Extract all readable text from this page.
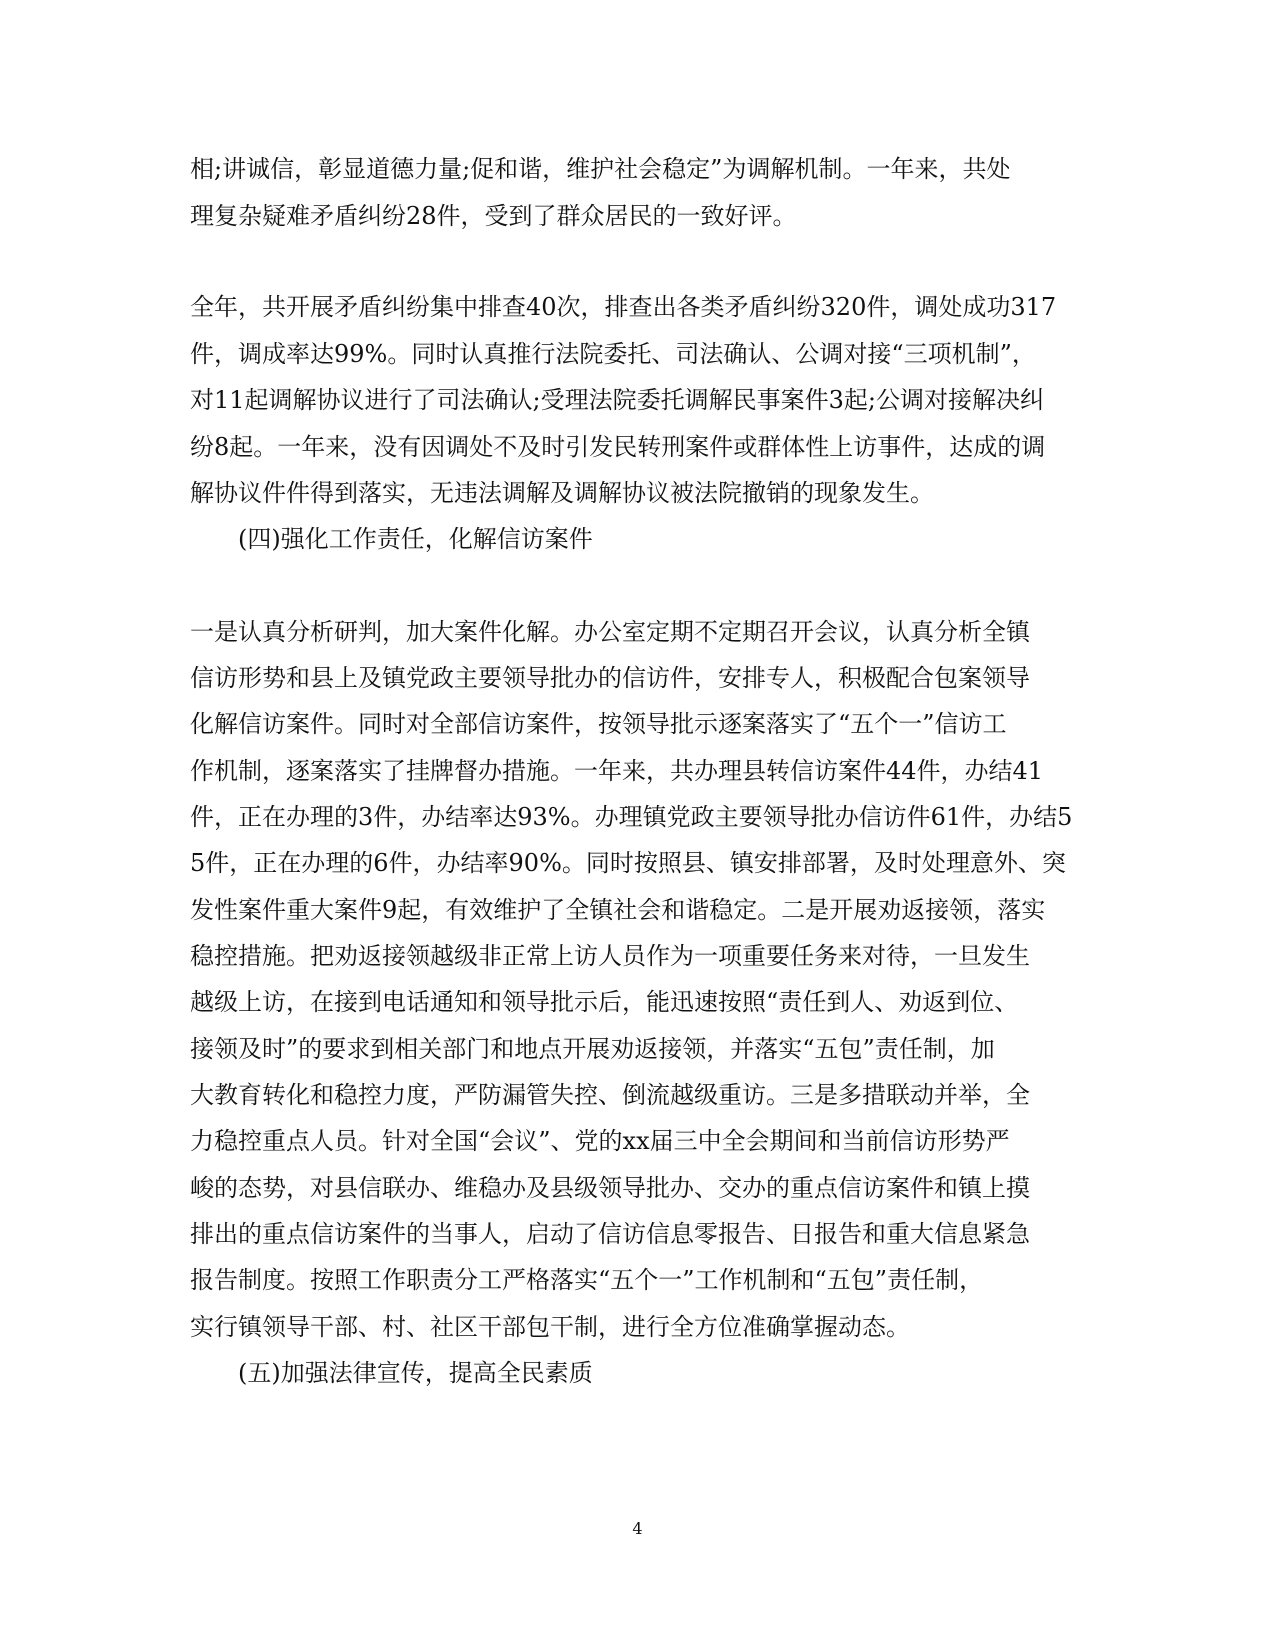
相;讲诚信，彰显道德力量;促和谐，维护社会稳定”为调解机制。一年来，共处
理复杂疑难矛盾纠纷28件，受到了群众居民的一致好评。
全年，共开展矛盾纠纷集中排查40次，排查出各类矛盾纠纷320件，调处成功317
件，调成率达99%。同时认真推行法院委托、司法确认、公调对接“三项机制”，
对11起调解协议进行了司法确认;受理法院委托调解民事案件3起;公调对接解决纠
纷8起。一年来，没有因调处不及时引发民转刑案件或群体性上访事件，达成的调
解协议件件得到落实，无违法调解及调解协议被法院撤销的现象发生。
(四)强化工作责任，化解信访案件
一是认真分析研判，加大案件化解。办公室定期不定期召开会议，认真分析全镇
信访形势和县上及镇党政主要领导批办的信访件，安排专人，积极配合包案领导
化解信访案件。同时对全部信访案件，按领导批示逐案落实了“五个一”信访工
作机制，逐案落实了挂牌督办措施。一年来，共办理县转信访案件44件，办结41
件，正在办理的3件，办结率达93%。办理镇党政主要领导批办信访件61件，办结5
5件，正在办理的6件，办结率90%。同时按照县、镇安排部署，及时处理意外、突
发性案件重大案件9起，有效维护了全镇社会和谐稳定。二是开展劝返接领，落实
稳控措施。把劝返接领越级非正常上访人员作为一项重要任务来对待，一旦发生
越级上访，在接到电话通知和领导批示后，能迅速按照“责任到人、劝返到位、
接领及时”的要求到相关部门和地点开展劝返接领，并落实“五包”责任制，加
大教育转化和稳控力度，严防漏管失控、倒流越级重访。三是多措联动并举，全
力稳控重点人员。针对全国“会议”、党的xx届三中全会期间和当前信访形势严
峻的态势，对县信联办、维稳办及县级领导批办、交办的重点信访案件和镇上摸
排出的重点信访案件的当事人，启动了信访信息零报告、日报告和重大信息紧急
报告制度。按照工作职责分工严格落实“五个一”工作机制和“五包”责任制，
实行镇领导干部、村、社区干部包干制，进行全方位准确掌握动态。
(五)加强法律宣传，提高全民素质
4
